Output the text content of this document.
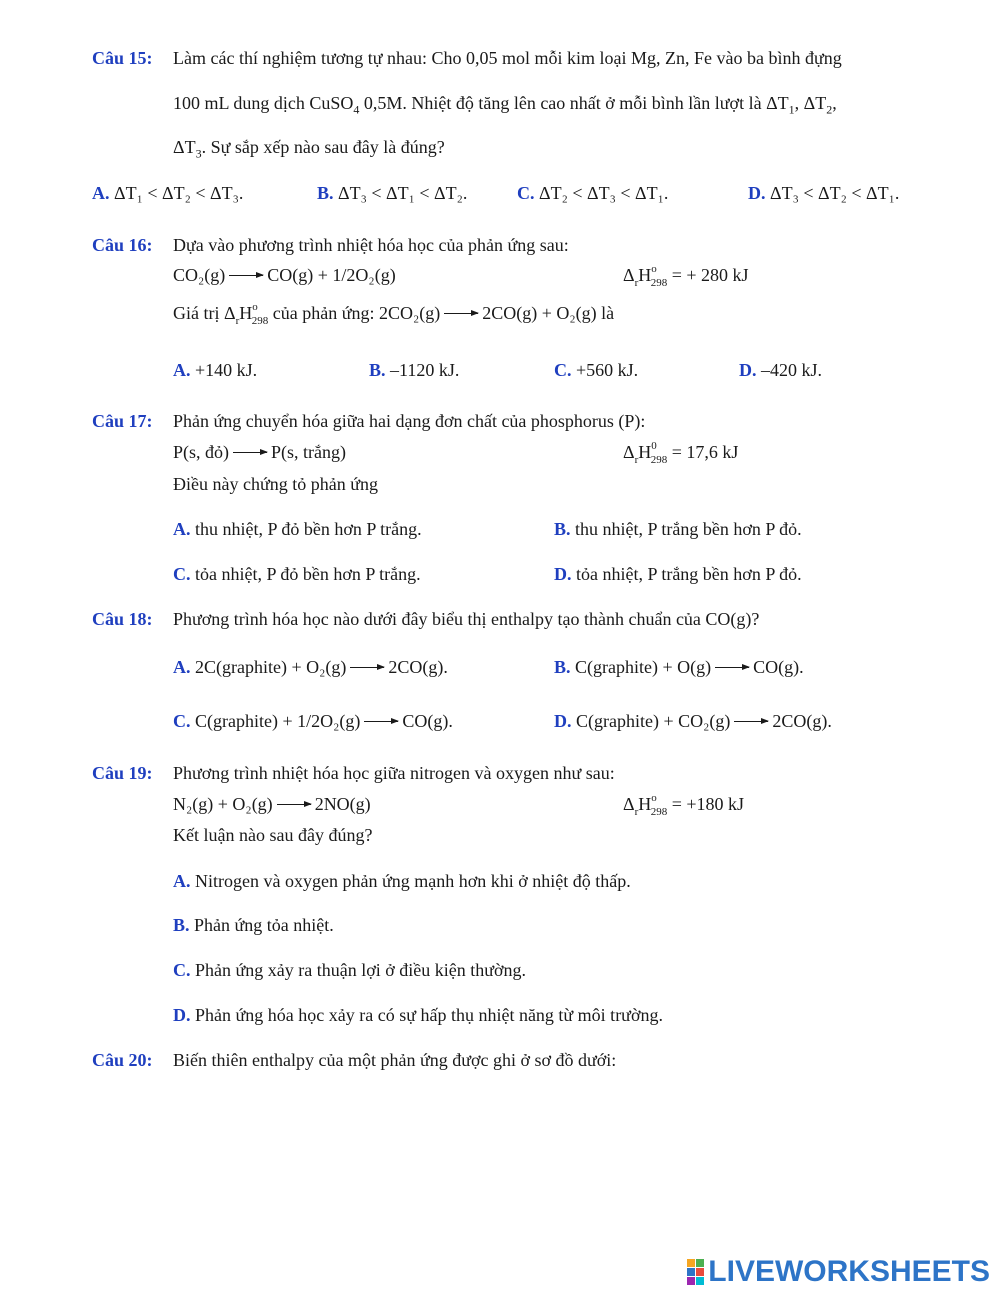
Câu 15: Làm các thí nghiệm tương tự nhau: Cho 0,05 mol mỗi kim loại Mg, Zn, Fe vào ba bình đựng
100 mL dung dịch CuSO$_4$ 0,5M. Nhiệt độ tăng lên cao nhất ở mỗi bình lần lượt là $\Delta T_1$, $\Delta T_2$,
$\Delta T_3$. Sự sắp xếp nào sau đây là đúng?
A. ΔT₁ < ΔT₂ < ΔT₃.	B. ΔT₃ < ΔT₁ < ΔT₂.	C. ΔT₂ < ΔT₃ < ΔT₁.	D. ΔT₃ < ΔT₂ < ΔT₁.
Câu 16: Dựa vào phương trình nhiệt hóa học của phản ứng sau:
CO₂(g) → CO(g) + 1/2O₂(g)	$\Delta_rH^o_{298}$ = + 280 kJ
Giá trị $\Delta_rH^o_{298}$ của phản ứng: 2CO₂(g) → 2CO(g) + O₂(g) là
A. +140 kJ.	B. –1120 kJ.	C. +560 kJ.	D. –420 kJ.
Câu 17: Phản ứng chuyển hóa giữa hai dạng đơn chất của phosphorus (P):
P(s, đỏ) → P(s, trắng)	$\Delta_rH^0_{298} = 17,6$ kJ
Điều này chứng tỏ phản ứng
A. thu nhiệt, P đỏ bền hơn P trắng.	B. thu nhiệt, P trắng bền hơn P đỏ.
C. tỏa nhiệt, P đỏ bền hơn P trắng.	D. tỏa nhiệt, P trắng bền hơn P đỏ.
Câu 18: Phương trình hóa học nào dưới đây biểu thị enthalpy tạo thành chuẩn của CO(g)?
A. 2C(graphite) + O₂(g) → 2CO(g).	B. C(graphite) + O(g) → CO(g).
C. C(graphite) + 1/2O₂(g) → CO(g).	D. C(graphite) + CO₂(g) → 2CO(g).
Câu 19: Phương trình nhiệt hóa học giữa nitrogen và oxygen như sau:
N₂(g) + O₂(g) → 2NO(g)	$\Delta_rH^o_{298} = +180$ kJ
Kết luận nào sau đây đúng?
A. Nitrogen và oxygen phản ứng mạnh hơn khi ở nhiệt độ thấp.
B. Phản ứng tỏa nhiệt.
C. Phản ứng xảy ra thuận lợi ở điều kiện thường.
D. Phản ứng hóa học xảy ra có sự hấp thụ nhiệt năng từ môi trường.
Câu 20: Biến thiên enthalpy của một phản ứng được ghi ở sơ đồ dưới:
LIVEWORKSHEETS
